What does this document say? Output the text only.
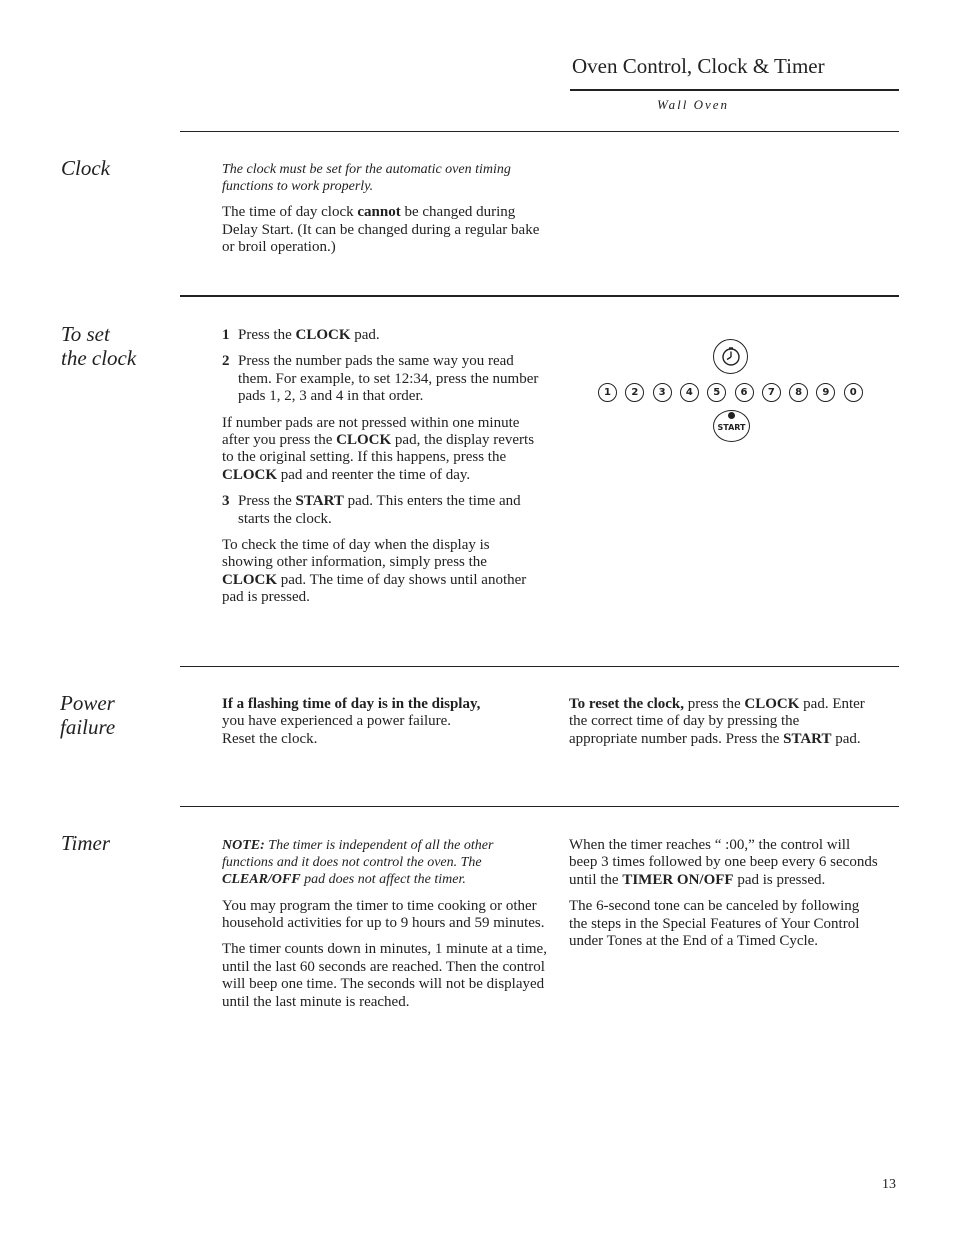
Oven Control, Clock & Timer
Wall Oven
Clock	The clock must be set for the automatic oven timing functions to work properly.

The time of day clock cannot be changed during Delay Start. (It can be changed during a regular bake or broil operation.)

To set
the clock
1 Press the CLOCK pad.
2 Press the number pads the same way you read them. For example, to set 12:34, press the number pads 1, 2, 3 and 4 in that order.

If number pads are not pressed within one minute after you press the CLOCK pad, the display reverts to the original setting. If this happens, press the CLOCK pad and reenter the time of day.

3 Press the START pad. This enters the time and starts the clock.

To check the time of day when the display is showing other information, simply press the CLOCK pad. The time of day shows until another pad is pressed.

1	2	3	4	5	6	7	8	9	0
START
Power
failure
If a flashing time of day is in the display,
you have experienced a power failure.
Reset the clock.

To reset the clock, press the CLOCK pad. Enter the correct time of day by pressing the appropriate number pads. Press the START pad.

Timer	NOTE: The timer is independent of all the other functions and it does not control the oven. The CLEAR/OFF pad does not affect the timer.

You may program the timer to time cooking or other household activities for up to 9 hours and 59 minutes.

The timer counts down in minutes, 1 minute at a time, until the last 60 seconds are reached. Then the control will beep one time. The seconds will not be displayed until the last minute is reached.

When the timer reaches “ :00,” the control will beep 3 times followed by one beep every 6 seconds until the TIMER ON/OFF pad is pressed.

The 6-second tone can be canceled by following the steps in the Special Features of Your Control under Tones at the End of a Timed Cycle.

13
